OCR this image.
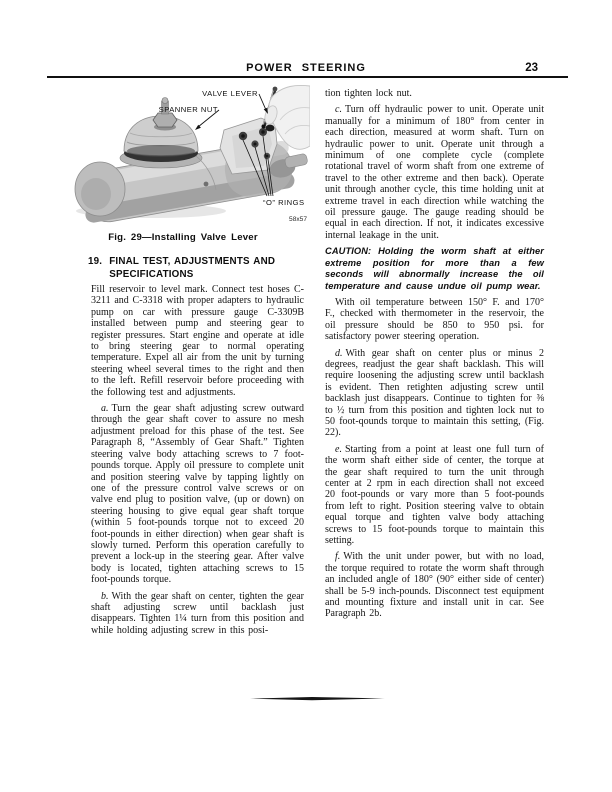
POWER STEERING	23
VALVE LEVER
SPANNER NUT
“O” RINGS
58x57
Fig. 29—Installing Valve Lever
19. FINAL TEST, ADJUSTMENTS AND
SPECIFICATIONS

Fill reservoir to level mark. Connect test hoses C-3211 and C-3318 with proper adapters to hydraulic pump on car with pressure gauge C-3309B installed between pump and steering gear to register pressures. Start engine and operate at idle to bring steering gear to normal operating temperature. Expel all air from the unit by turning steering wheel several times to the right and then to the left. Refill reservoir before proceeding with the following test and adjustments.

a. Turn the gear shaft adjusting screw outward through the gear shaft cover to assure no mesh adjustment preload for this phase of the test. See Paragraph 8, “Assembly of Gear Shaft.” Tighten steering valve body attaching screws to 7 foot-pounds torque. Apply oil pressure to complete unit and position steering valve by tapping lightly on one of the pressure control valve screws or on valve end plug to position valve, (up or down) on steering housing to give equal gear shaft torque (within 5 foot-pounds torque not to exceed 20 foot-pounds in either direction) when gear shaft is slowly turned. Perform this operation carefully to prevent a lock-up in the steering gear. After valve body is located, tighten attaching screws to 15 foot-pounds torque.

b. With the gear shaft on center, tighten the gear shaft adjusting screw until backlash just disappears. Tighten 1¼ turn from this position and while holding adjusting screw in this posi-

tion tighten lock nut.

c. Turn off hydraulic power to unit. Operate unit manually for a minimum of 180° from center in each direction, measured at worm shaft. Turn on hydraulic power to unit. Operate unit through a minimum of one complete cycle (complete rotational travel of worm shaft from one extreme of travel to the other extreme and then back). Operate unit through another cycle, this time holding unit at extreme travel in each direction while watching the oil pressure gauge. The gauge reading should be equal in each direction. If not, it indicates excessive internal leakage in the unit.

CAUTION: Holding the worm shaft at either extreme position for more than a few seconds will abnormally increase the oil temperature and cause undue oil pump wear.

With oil temperature between 150° F. and 170° F., checked with thermometer in the reservoir, the oil pressure should be 850 to 950 psi. for satisfactory power steering operation.

d. With gear shaft on center plus or minus 2 degrees, readjust the gear shaft backlash. This will require loosening the adjusting screw until backlash is evident. Then retighten adjusting screw until backlash just disappears. Continue to tighten for ⅜ to ½ turn from this position and tighten lock nut to 50 foot-qounds torque to maintain this setting, (Fig. 22).

e. Starting from a point at least one full turn of the worm shaft either side of center, the torque at the gear shaft required to turn the unit through center at 2 rpm in each direction shall not exceed 20 foot-pounds or vary more than 5 foot-pounds from left to right. Position steering valve to obtain equal torque and tighten valve body attaching screws to 15 foot-pounds torque to maintain this setting.

f. With the unit under power, but with no load, the torque required to rotate the worm shaft through an included angle of 180° (90° either side of center) shall be 5-9 inch-pounds. Disconnect test equipment and mounting fixture and install unit in car. See Paragraph 2b.
